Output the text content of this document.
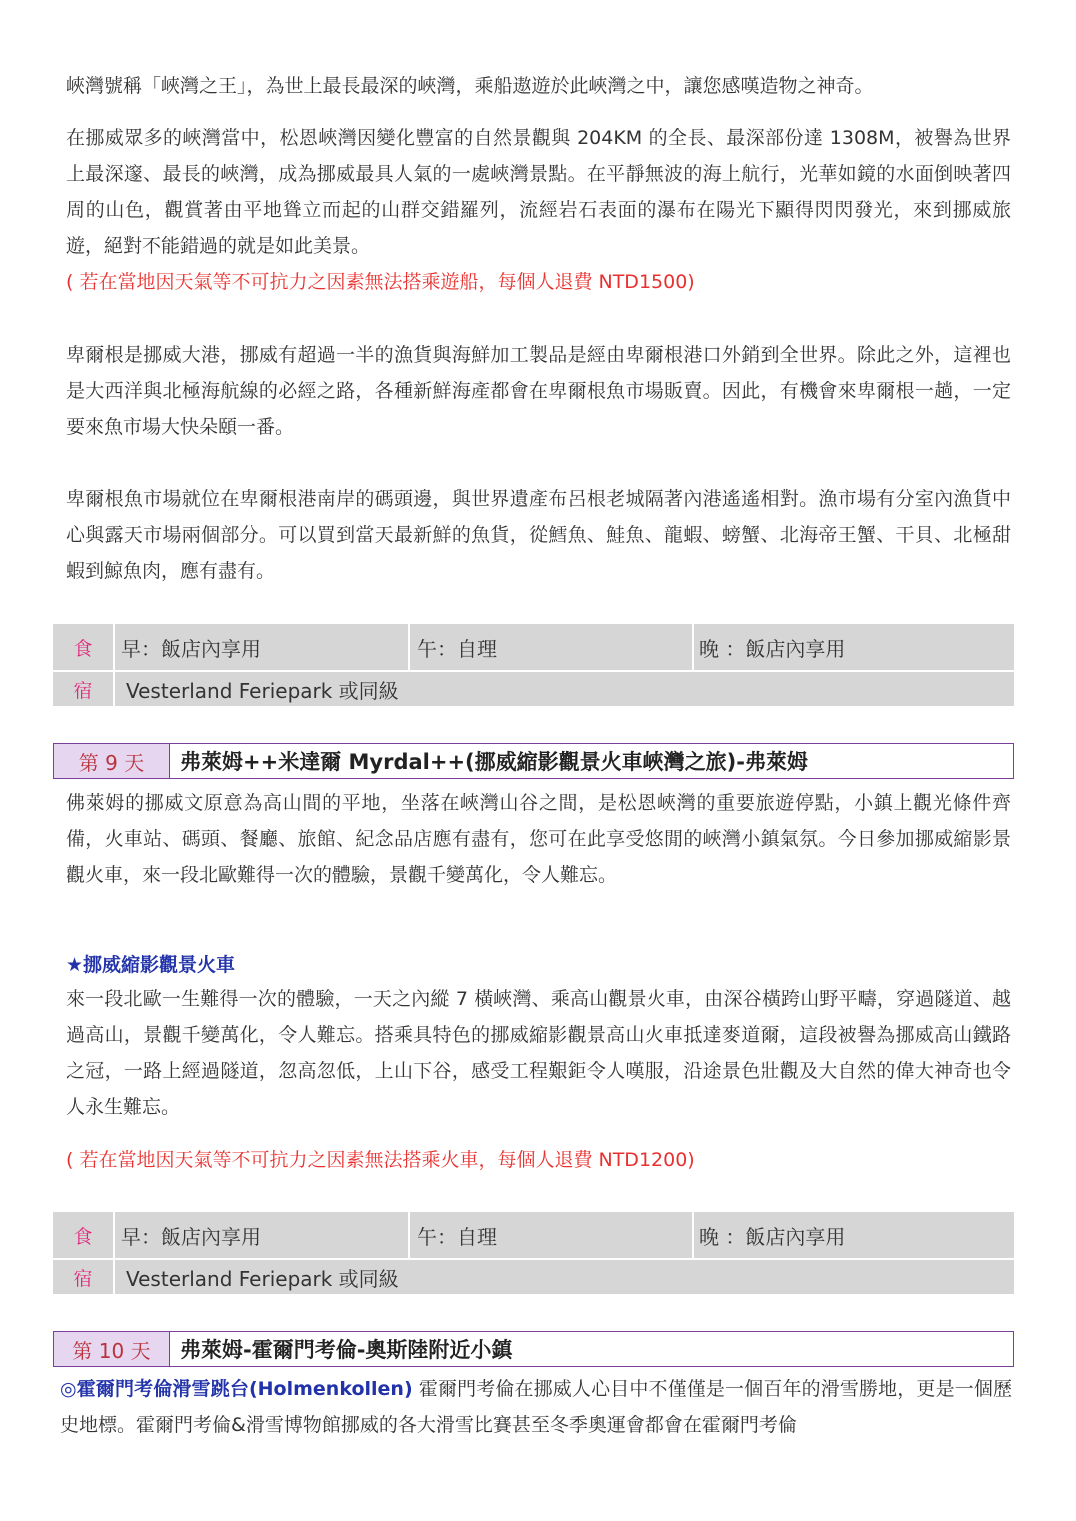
峽灣號稱「峽灣之王」，為世上最長最深的峽灣，乘船遨遊於此峽灣之中，讓您感嘆造物之神奇。
在挪威眾多的峽灣當中，松恩峽灣因變化豐富的自然景觀與 204KM 的全長、最深部份達 1308M，被譽為世界上最深邃、最長的峽灣，成為挪威最具人氣的一處峽灣景點。在平靜無波的海上航行，光華如鏡的水面倒映著四周的山色，觀賞著由平地聳立而起的山群交錯羅列，流經岩石表面的瀑布在陽光下顯得閃閃發光，來到挪威旅遊，絕對不能錯過的就是如此美景。
( 若在當地因天氣等不可抗力之因素無法搭乘遊船，每個人退費 NTD1500)
卑爾根是挪威大港，挪威有超過一半的漁貨與海鮮加工製品是經由卑爾根港口外銷到全世界。除此之外，這裡也是大西洋與北極海航線的必經之路，各種新鮮海產都會在卑爾根魚市場販賣。因此，有機會來卑爾根一趟，一定要來魚市場大快朵頤一番。
卑爾根魚市場就位在卑爾根港南岸的碼頭邊，與世界遺產布呂根老城隔著內港遙遙相對。漁市場有分室內漁貨中心與露天市場兩個部分。可以買到當天最新鮮的魚貨，從鱈魚、鮭魚、龍蝦、螃蟹、北海帝王蟹、干貝、北極甜蝦到鯨魚肉，應有盡有。
食	早：飯店內享用	午：自理	晚 ：飯店內享用
宿	Vesterland Feriepark 或同級
第 9 天	弗萊姆++米達爾 Myrdal++(挪威縮影觀景火車峽灣之旅)-弗萊姆
佛萊姆的挪威文原意為高山間的平地，坐落在峽灣山谷之間，是松恩峽灣的重要旅遊停點，小鎮上觀光條件齊備，火車站、碼頭、餐廳、旅館、紀念品店應有盡有，您可在此享受悠閒的峽灣小鎮氣氛。今日參加挪威縮影景觀火車，來一段北歐難得一次的體驗，景觀千變萬化，令人難忘。
★挪威縮影觀景火車
來一段北歐一生難得一次的體驗，一天之內縱 7 橫峽灣、乘高山觀景火車，由深谷橫跨山野平疇，穿過隧道、越過高山，景觀千變萬化，令人難忘。搭乘具特色的挪威縮影觀景高山火車抵達麥道爾，這段被譽為挪威高山鐵路之冠，一路上經過隧道，忽高忽低，上山下谷，感受工程艱鉅令人嘆服，沿途景色壯觀及大自然的偉大神奇也令人永生難忘。
( 若在當地因天氣等不可抗力之因素無法搭乘火車，每個人退費 NTD1200)
食	早：飯店內享用	午：自理	晚 ：飯店內享用
宿	Vesterland Feriepark 或同級
第 10 天	弗萊姆-霍爾門考倫-奧斯陸附近小鎮
◎霍爾門考倫滑雪跳台(Holmenkollen) 霍爾門考倫在挪威人心目中不僅僅是一個百年的滑雪勝地，更是一個歷史地標。霍爾門考倫&滑雪博物館挪威的各大滑雪比賽甚至冬季奧運會都會在霍爾門考倫
